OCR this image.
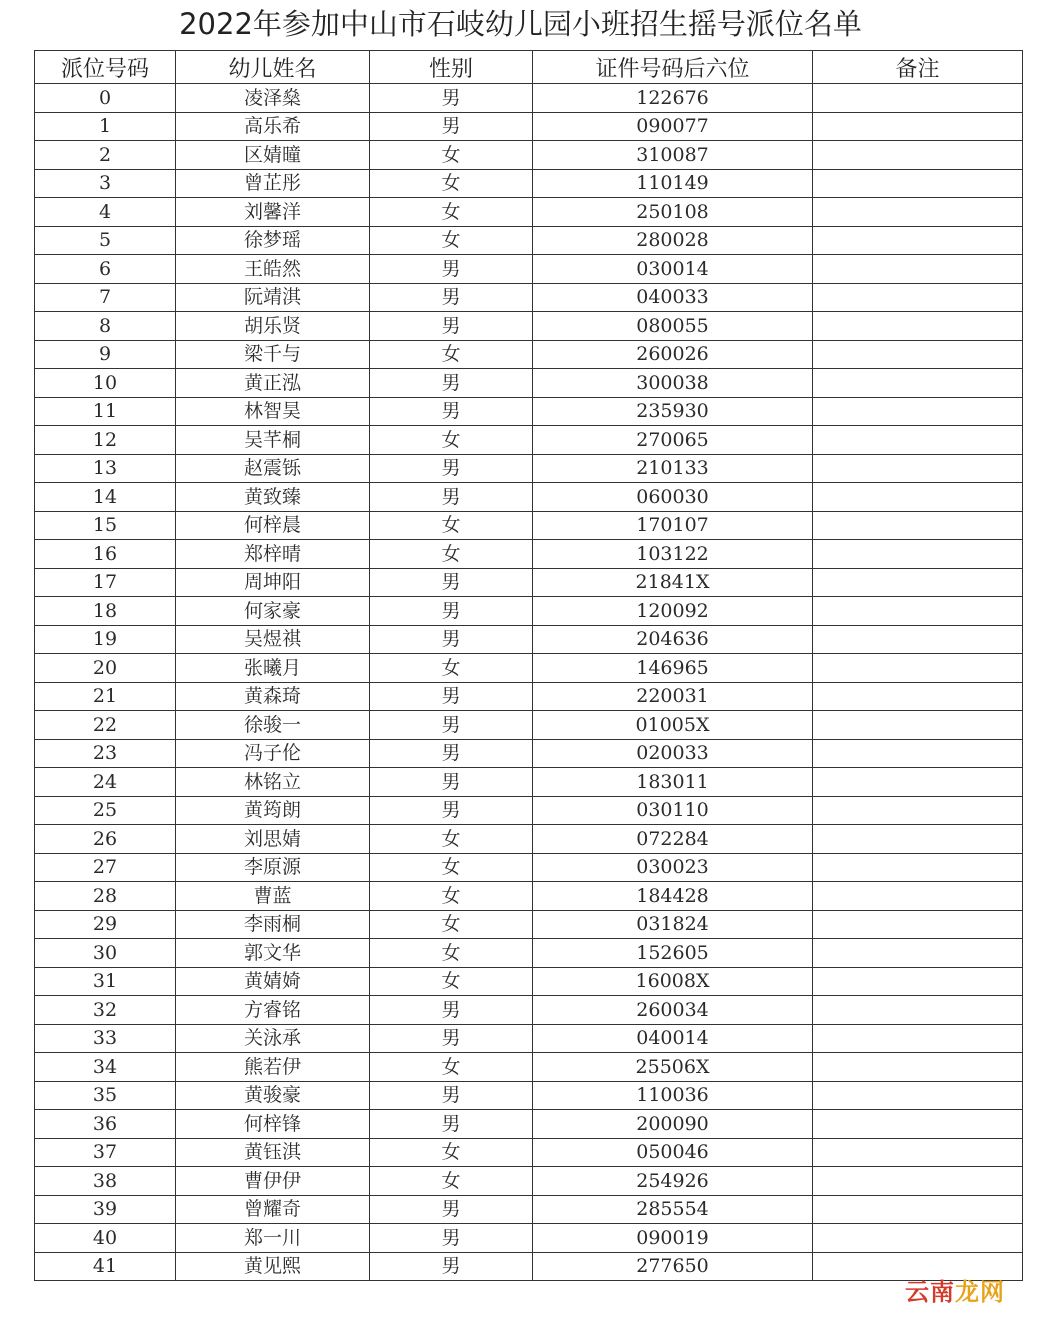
2022年参加中山市石岐幼儿园小班招生摇号派位名单
派位号码	幼儿姓名	性别	证件号码后六位	备注
0	凌泽燊	男	122676	
1	高乐希	男	090077	
2	区婧曈	女	310087	
3	曾芷彤	女	110149	
4	刘馨洋	女	250108	
5	徐梦瑶	女	280028	
6	王皓然	男	030014	
7	阮靖淇	男	040033	
8	胡乐贤	男	080055	
9	梁千与	女	260026	
10	黄正泓	男	300038	
11	林智昊	男	235930	
12	吴芊桐	女	270065	
13	赵震铄	男	210133	
14	黄致臻	男	060030	
15	何梓晨	女	170107	
16	郑梓晴	女	103122	
17	周坤阳	男	21841X	
18	何家豪	男	120092	
19	吴煜祺	男	204636	
20	张曦月	女	146965	
21	黄森琦	男	220031	
22	徐骏一	男	01005X	
23	冯子伦	男	020033	
24	林铭立	男	183011	
25	黄筠朗	男	030110	
26	刘思婧	女	072284	
27	李原源	女	030023	
28	曹蓝	女	184428	
29	李雨桐	女	031824	
30	郭文华	女	152605	
31	黄婧婍	女	16008X	
32	方睿铭	男	260034	
33	关泳承	男	040014	
34	熊若伊	女	25506X	
35	黄骏豪	男	110036	
36	何梓锋	男	200090	
37	黄钰淇	女	050046	
38	曹伊伊	女	254926	
39	曾耀奇	男	285554	
40	郑一川	男	090019	
41	黄见熙	男	277650	
云南龙网
